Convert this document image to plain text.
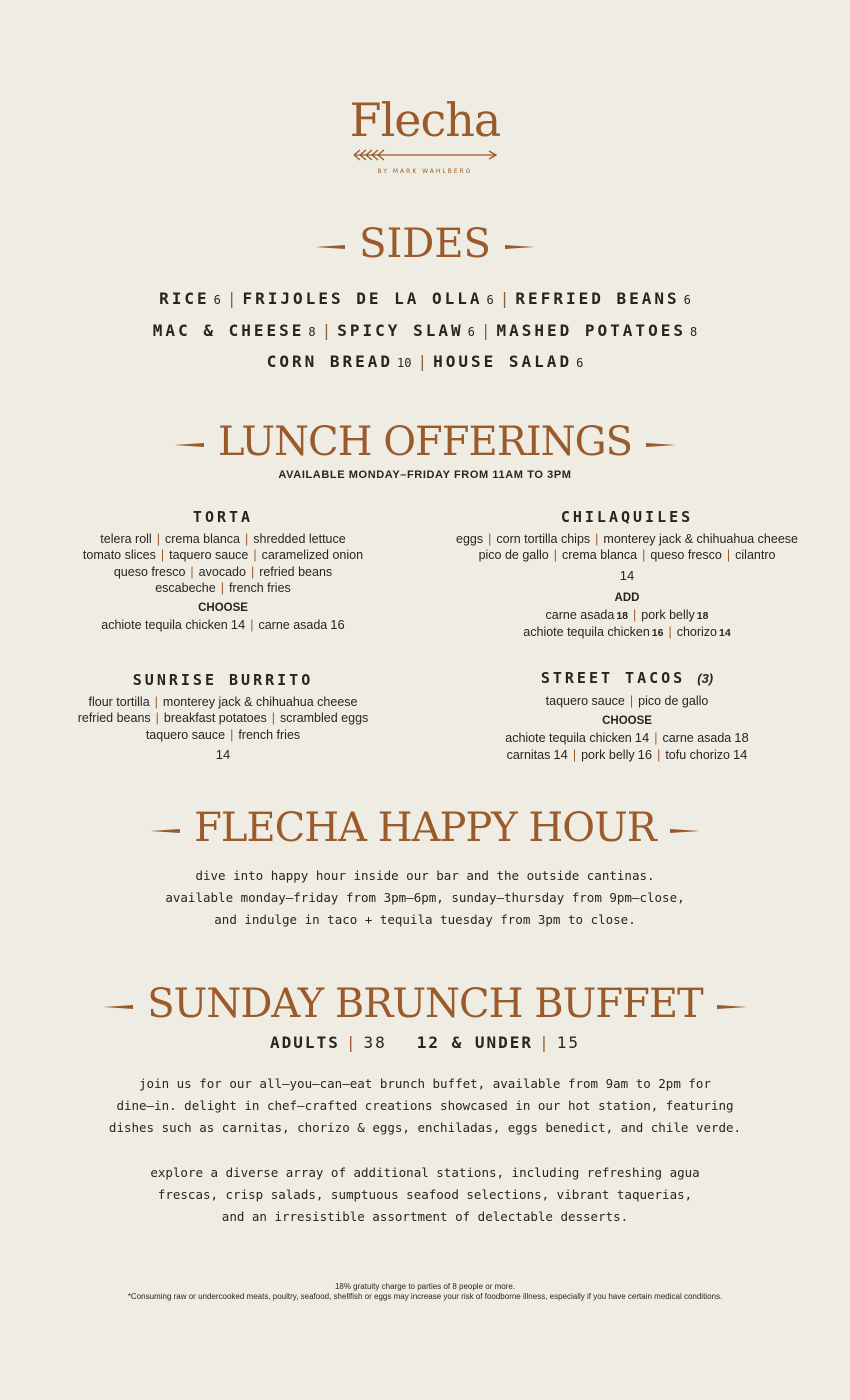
Flecha
BY MARK WAHLBERG
SIDES
RICE 6 | FRIJOLES DE LA OLLA 6 | REFRIED BEANS 6
MAC & CHEESE 8 | SPICY SLAW 6 | MASHED POTATOES 8
CORN BREAD 10 | HOUSE SALAD 6
LUNCH OFFERINGS
AVAILABLE MONDAY–FRIDAY FROM 11AM TO 3PM
TORTA
telera roll | crema blanca | shredded lettuce
tomato slices | taquero sauce | caramelized onion
queso fresco | avocado | refried beans
escabeche | french fries
CHOOSE
achiote tequila chicken 14 | carne asada 16
CHILAQUILES
eggs | corn tortilla chips | monterey jack & chihuahua cheese
pico de gallo | crema blanca | queso fresco | cilantro
14
ADD
carne asada 18 | pork belly 18
achiote tequila chicken 16 | chorizo 14
SUNRISE BURRITO
flour tortilla | monterey jack & chihuahua cheese
refried beans | breakfast potatoes | scrambled eggs
taquero sauce | french fries
14
STREET TACOS (3)
taquero sauce | pico de gallo
CHOOSE
achiote tequila chicken 14 | carne asada 18
carnitas 14 | pork belly 16 | tofu chorizo 14
FLECHA HAPPY HOUR
dive into happy hour inside our bar and the outside cantinas.
available monday–friday from 3pm–6pm, sunday–thursday from 9pm–close,
and indulge in taco + tequila tuesday from 3pm to close.
SUNDAY BRUNCH BUFFET
ADULTS | 38 12 & UNDER | 15
join us for our all–you–can–eat brunch buffet, available from 9am to 2pm for
dine–in. delight in chef–crafted creations showcased in our hot station, featuring
dishes such as carnitas, chorizo & eggs, enchiladas, eggs benedict, and chile verde.
explore a diverse array of additional stations, including refreshing agua
frescas, crisp salads, sumptuous seafood selections, vibrant taquerias,
and an irresistible assortment of delectable desserts.
18% gratuity charge to parties of 8 people or more.
*Consuming raw or undercooked meats, poultry, seafood, shellfish or eggs may increase your risk of foodborne illness, especially if you have certain medical conditions.
